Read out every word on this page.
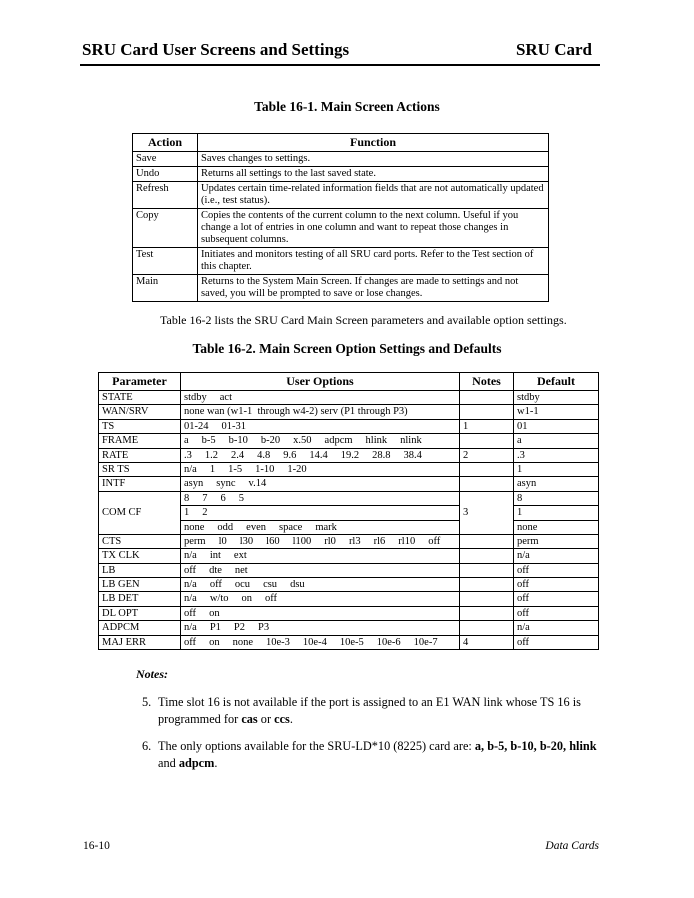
SRU Card User Screens and Settings	SRU Card
Table 16-1. Main Screen Actions
Action	Function
Save	Saves changes to settings.
Undo	Returns all settings to the last saved state.
Refresh	Updates certain time-related information fields that are not automatically updated (i.e., test status).
Copy	Copies the contents of the current column to the next column. Useful if you change a lot of entries in one column and want to repeat those changes in subsequent columns.
Test	Initiates and monitors testing of all SRU card ports. Refer to the Test section of this chapter.
Main	Returns to the System Main Screen. If changes are made to settings and not saved, you will be prompted to save or lose changes.
Table 16-2 lists the SRU Card Main Screen parameters and available option settings.
Table 16-2. Main Screen Option Settings and Defaults
Parameter	User Options	Notes	Default
STATE	stdby act		stdby
WAN/SRV	none wan (w1-1  through w4-2) serv (P1 through P3)		w1-1
TS	01-24 01-31	1	01
FRAME	a b-5 b-10 b-20 x.50 adpcm hlink nlink		a
RATE	.3 1.2 2.4 4.8 9.6 14.4 19.2 28.8 38.4	2	.3
SR TS	n/a 1 1-5 1-10 1-20		1
INTF	asyn sync v.14		asyn
COM CF	8 7 6 5	3	8
	1 2		1
	none odd even space mark		none
CTS	perm l0 l30 l60 l100 rl0 rl3 rl6 rl10 off		perm
TX CLK	n/a int ext		n/a
LB	off dte net		off
LB GEN	n/a off ocu csu dsu		off
LB DET	n/a w/to on off		off
DL OPT	off on		off
ADPCM	n/a P1 P2 P3		n/a
MAJ ERR	off on none 10e-3 10e-4 10e-5 10e-6 10e-7	4	off
Notes:
5. Time slot 16 is not available if the port is assigned to an E1 WAN link whose TS 16 is programmed for cas or ccs.
6. The only options available for the SRU-LD*10 (8225) card are: a, b-5, b-10, b-20, hlink and adpcm.
16-10	Data Cards
